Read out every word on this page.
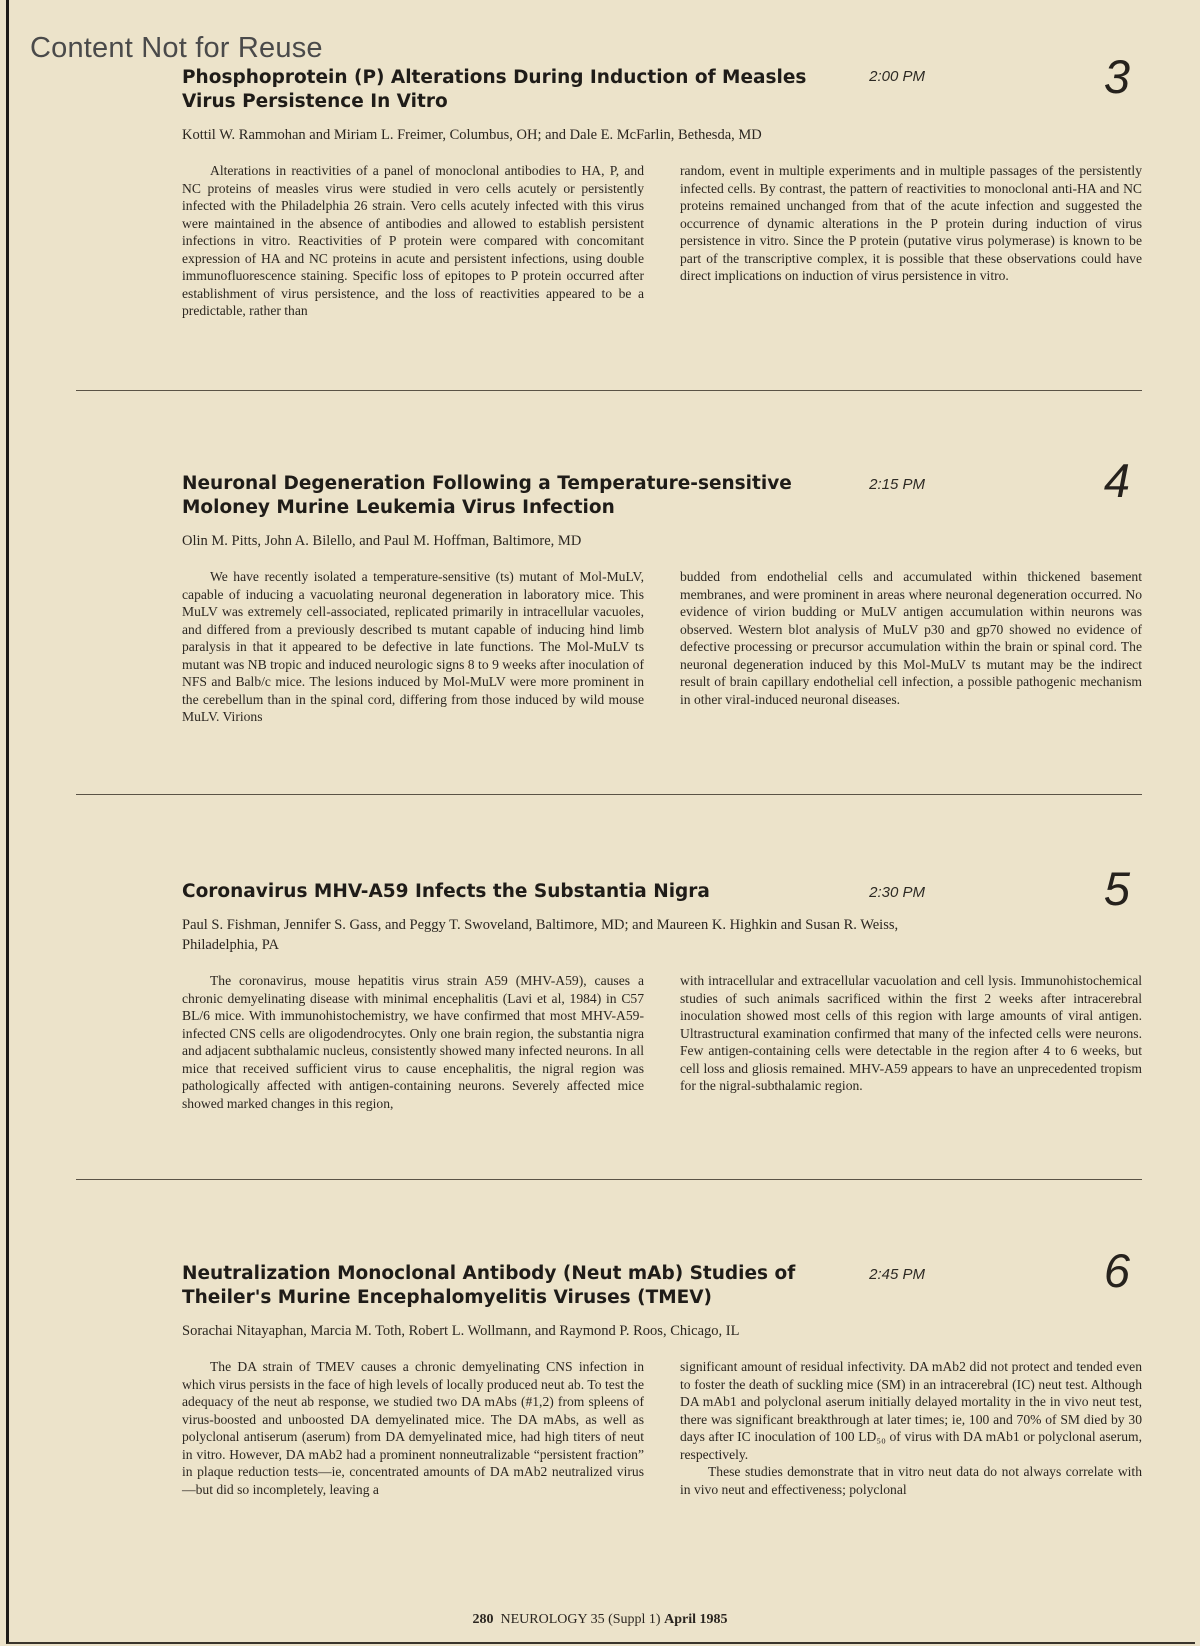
Content Not for Reuse
Phosphoprotein (P) Alterations During Induction of Measles Virus Persistence In Vitro
Kottil W. Rammohan and Miriam L. Freimer, Columbus, OH; and Dale E. McFarlin, Bethesda, MD

Alterations in reactivities of a panel of monoclonal antibodies to HA, P, and NC proteins of measles virus were studied in vero cells acutely or persistently infected with the Philadelphia 26 strain. Vero cells acutely infected with this virus were maintained in the absence of antibodies and allowed to establish persistent infections in vitro. Reactivities of P protein were compared with concomitant expression of HA and NC proteins in acute and persistent infections, using double immunofluorescence staining. Specific loss of epitopes to P protein occurred after establishment of virus persistence, and the loss of reactivities appeared to be a predictable, rather than

random, event in multiple experiments and in multiple passages of the persistently infected cells. By contrast, the pattern of reactivities to monoclonal anti-HA and NC proteins remained unchanged from that of the acute infection and suggested the occurrence of dynamic alterations in the P protein during induction of virus persistence in vitro. Since the P protein (putative virus polymerase) is known to be part of the transcriptive complex, it is possible that these observations could have direct implications on induction of virus persistence in vitro.

2:00 PM	3
Neuronal Degeneration Following a Temperature-sensitive Moloney Murine Leukemia Virus Infection
Olin M. Pitts, John A. Bilello, and Paul M. Hoffman, Baltimore, MD

We have recently isolated a temperature-sensitive (ts) mutant of Mol-MuLV, capable of inducing a vacuolating neuronal degeneration in laboratory mice. This MuLV was extremely cell-associated, replicated primarily in intracellular vacuoles, and differed from a previously described ts mutant capable of inducing hind limb paralysis in that it appeared to be defective in late functions. The Mol-MuLV ts mutant was NB tropic and induced neurologic signs 8 to 9 weeks after inoculation of NFS and Balb/c mice. The lesions induced by Mol-MuLV were more prominent in the cerebellum than in the spinal cord, differing from those induced by wild mouse MuLV. Virions

budded from endothelial cells and accumulated within thickened basement membranes, and were prominent in areas where neuronal degeneration occurred. No evidence of virion budding or MuLV antigen accumulation within neurons was observed. Western blot analysis of MuLV p30 and gp70 showed no evidence of defective processing or precursor accumulation within the brain or spinal cord. The neuronal degeneration induced by this Mol-MuLV ts mutant may be the indirect result of brain capillary endothelial cell infection, a possible pathogenic mechanism in other viral-induced neuronal diseases.

2:15 PM	4
Coronavirus MHV-A59 Infects the Substantia Nigra
Paul S. Fishman, Jennifer S. Gass, and Peggy T. Swoveland, Baltimore, MD; and Maureen K. Highkin and Susan R. Weiss, Philadelphia, PA

The coronavirus, mouse hepatitis virus strain A59 (MHV-A59), causes a chronic demyelinating disease with minimal encephalitis (Lavi et al, 1984) in C57 BL/6 mice. With immunohistochemistry, we have confirmed that most MHV-A59-infected CNS cells are oligodendrocytes. Only one brain region, the substantia nigra and adjacent subthalamic nucleus, consistently showed many infected neurons. In all mice that received sufficient virus to cause encephalitis, the nigral region was pathologically affected with antigen-containing neurons. Severely affected mice showed marked changes in this region,

with intracellular and extracellular vacuolation and cell lysis. Immunohistochemical studies of such animals sacrificed within the first 2 weeks after intracerebral inoculation showed most cells of this region with large amounts of viral antigen. Ultrastructural examination confirmed that many of the infected cells were neurons. Few antigen-containing cells were detectable in the region after 4 to 6 weeks, but cell loss and gliosis remained. MHV-A59 appears to have an unprecedented tropism for the nigral-subthalamic region.

2:30 PM	5
Neutralization Monoclonal Antibody (Neut mAb) Studies of Theiler's Murine Encephalomyelitis Viruses (TMEV)
Sorachai Nitayaphan, Marcia M. Toth, Robert L. Wollmann, and Raymond P. Roos, Chicago, IL

The DA strain of TMEV causes a chronic demyelinating CNS infection in which virus persists in the face of high levels of locally produced neut ab. To test the adequacy of the neut ab response, we studied two DA mAbs (#1,2) from spleens of virus-boosted and unboosted DA demyelinated mice. The DA mAbs, as well as polyclonal antiserum (aserum) from DA demyelinated mice, had high titers of neut in vitro. However, DA mAb2 had a prominent nonneutralizable “persistent fraction” in plaque reduction tests—ie, concentrated amounts of DA mAb2 neutralized virus—but did so incompletely, leaving a

significant amount of residual infectivity. DA mAb2 did not protect and tended even to foster the death of suckling mice (SM) in an intracerebral (IC) neut test. Although DA mAb1 and polyclonal aserum initially delayed mortality in the in vivo neut test, there was significant breakthrough at later times; ie, 100 and 70% of SM died by 30 days after IC inoculation of 100 LD₅₀ of virus with DA mAb1 or polyclonal aserum, respectively.

These studies demonstrate that in vitro neut data do not always correlate with in vivo neut and effectiveness; polyclonal

2:45 PM	6
280 NEUROLOGY 35 (Suppl 1) April 1985
